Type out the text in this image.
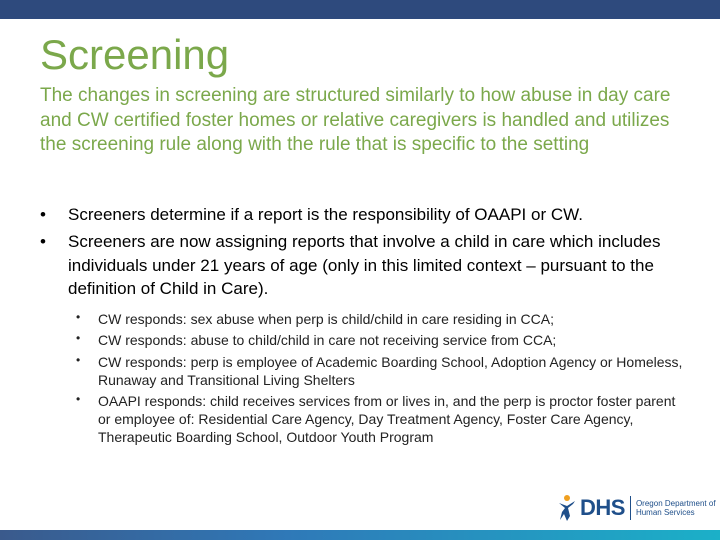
Screening
The changes in screening are structured similarly to how abuse in day care and CW certified foster homes or relative caregivers is handled and utilizes the screening rule along with the rule that is specific to the setting
• Screeners determine if a report is the responsibility of OAAPI or CW.
• Screeners are now assigning reports that involve a child in care which includes individuals under 21 years of age (only in this limited context – pursuant to the definition of Child in Care).
• CW responds: sex abuse when perp is child/child in care residing in CCA;
• CW responds: abuse to child/child in care not receiving service from CCA;
• CW responds: perp is employee of Academic Boarding School, Adoption Agency or Homeless, Runaway and Transitional Living Shelters
• OAAPI responds: child receives services from or lives in, and the perp is proctor foster parent or employee of: Residential Care Agency, Day Treatment Agency, Foster Care Agency, Therapeutic Boarding School, Outdoor Youth Program
DHS Oregon Department of Human Services
